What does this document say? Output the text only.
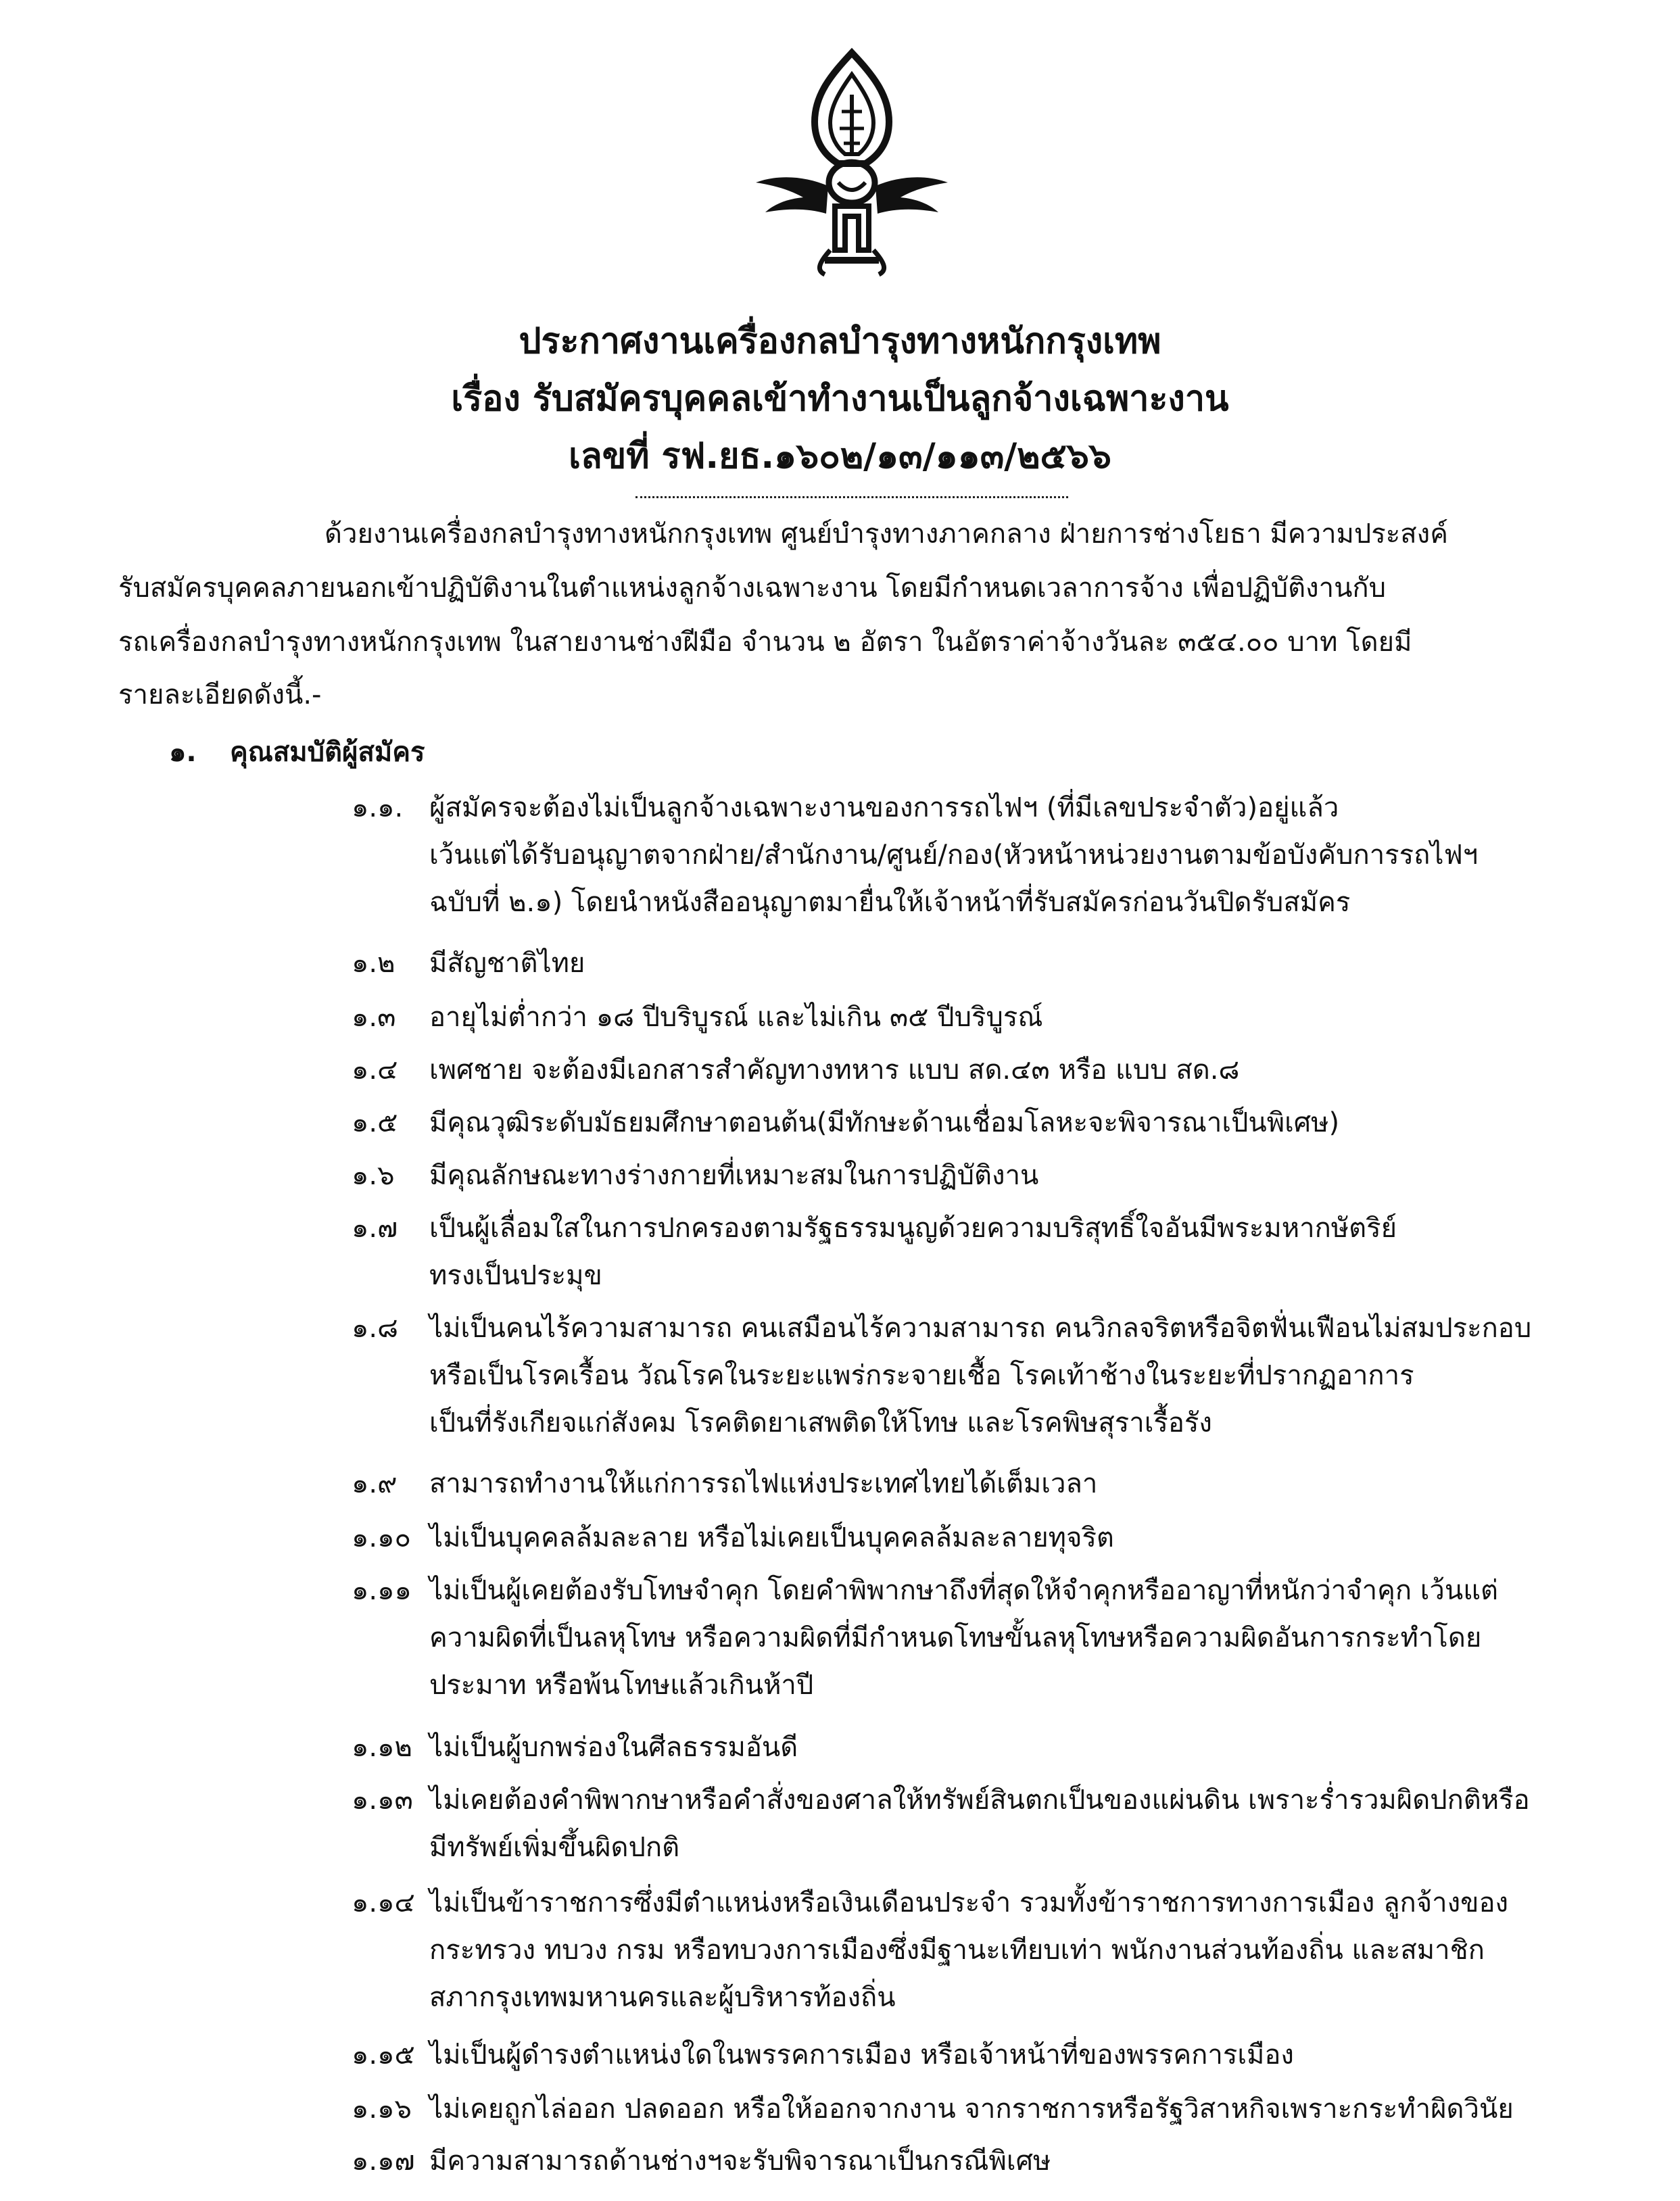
ประกาศงานเครื่องกลบำรุงทางหนักกรุงเทพ
เรื่อง รับสมัครบุคคลเข้าทำงานเป็นลูกจ้างเฉพาะงาน
เลขที่ รฟ.ยธ.๑๖๐๒/๑๓/๑๑๓/๒๕๖๖
ด้วยงานเครื่องกลบำรุงทางหนักกรุงเทพ ศูนย์บำรุงทางภาคกลาง ฝ่ายการช่างโยธา มีความประสงค์
รับสมัครบุคคลภายนอกเข้าปฏิบัติงานในตำแหน่งลูกจ้างเฉพาะงาน โดยมีกำหนดเวลาการจ้าง เพื่อปฏิบัติงานกับ
รถเครื่องกลบำรุงทางหนักกรุงเทพ ในสายงานช่างฝีมือ จำนวน ๒ อัตรา ในอัตราค่าจ้างวันละ ๓๕๔.๐๐ บาท โดยมี
รายละเอียดดังนี้.-
๑. คุณสมบัติผู้สมัคร
๑.๑. ผู้สมัครจะต้องไม่เป็นลูกจ้างเฉพาะงานของการรถไฟฯ (ที่มีเลขประจำตัว)อยู่แล้ว
เว้นแต่ได้รับอนุญาตจากฝ่าย/สำนักงาน/ศูนย์/กอง(หัวหน้าหน่วยงานตามข้อบังคับการรถไฟฯ
ฉบับที่ ๒.๑) โดยนำหนังสืออนุญาตมายื่นให้เจ้าหน้าที่รับสมัครก่อนวันปิดรับสมัคร
๑.๒	มีสัญชาติไทย
๑.๓	อายุไม่ต่ำกว่า ๑๘ ปีบริบูรณ์ และไม่เกิน ๓๕ ปีบริบูรณ์
๑.๔	เพศชาย จะต้องมีเอกสารสำคัญทางทหาร แบบ สด.๔๓ หรือ แบบ สด.๘
๑.๕	มีคุณวุฒิระดับมัธยมศึกษาตอนต้น(มีทักษะด้านเชื่อมโลหะจะพิจารณาเป็นพิเศษ)
๑.๖	มีคุณลักษณะทางร่างกายที่เหมาะสมในการปฏิบัติงาน
๑.๗	เป็นผู้เลื่อมใสในการปกครองตามรัฐธรรมนูญด้วยความบริสุทธิ์ใจอันมีพระมหากษัตริย์
ทรงเป็นประมุข
๑.๘	ไม่เป็นคนไร้ความสามารถ คนเสมือนไร้ความสามารถ คนวิกลจริตหรือจิตฟั่นเฟือนไม่สมประกอบ
หรือเป็นโรคเรื้อน วัณโรคในระยะแพร่กระจายเชื้อ โรคเท้าช้างในระยะที่ปรากฏอาการ
เป็นที่รังเกียจแก่สังคม โรคติดยาเสพติดให้โทษ และโรคพิษสุราเรื้อรัง
๑.๙	สามารถทำงานให้แก่การรถไฟแห่งประเทศไทยได้เต็มเวลา
๑.๑๐ ไม่เป็นบุคคลล้มละลาย หรือไม่เคยเป็นบุคคลล้มละลายทุจริต
๑.๑๑ ไม่เป็นผู้เคยต้องรับโทษจำคุก โดยคำพิพากษาถึงที่สุดให้จำคุกหรืออาญาที่หนักว่าจำคุก เว้นแต่
ความผิดที่เป็นลหุโทษ หรือความผิดที่มีกำหนดโทษขั้นลหุโทษหรือความผิดอันการกระทำโดย
ประมาท หรือพ้นโทษแล้วเกินห้าปี
๑.๑๒ ไม่เป็นผู้บกพร่องในศีลธรรมอันดี
๑.๑๓ ไม่เคยต้องคำพิพากษาหรือคำสั่งของศาลให้ทรัพย์สินตกเป็นของแผ่นดิน เพราะร่ำรวมผิดปกติหรือ
มีทรัพย์เพิ่มขึ้นผิดปกติ
๑.๑๔ ไม่เป็นข้าราชการซึ่งมีตำแหน่งหรือเงินเดือนประจำ รวมทั้งข้าราชการทางการเมือง ลูกจ้างของ
กระทรวง ทบวง กรม หรือทบวงการเมืองซึ่งมีฐานะเทียบเท่า พนักงานส่วนท้องถิ่น และสมาชิก
สภากรุงเทพมหานครและผู้บริหารท้องถิ่น
๑.๑๕ ไม่เป็นผู้ดำรงตำแหน่งใดในพรรคการเมือง หรือเจ้าหน้าที่ของพรรคการเมือง
๑.๑๖ ไม่เคยถูกไล่ออก ปลดออก หรือให้ออกจากงาน จากราชการหรือรัฐวิสาหกิจเพราะกระทำผิดวินัย
๑.๑๗ มีความสามารถด้านช่างฯจะรับพิจารณาเป็นกรณีพิเศษ
